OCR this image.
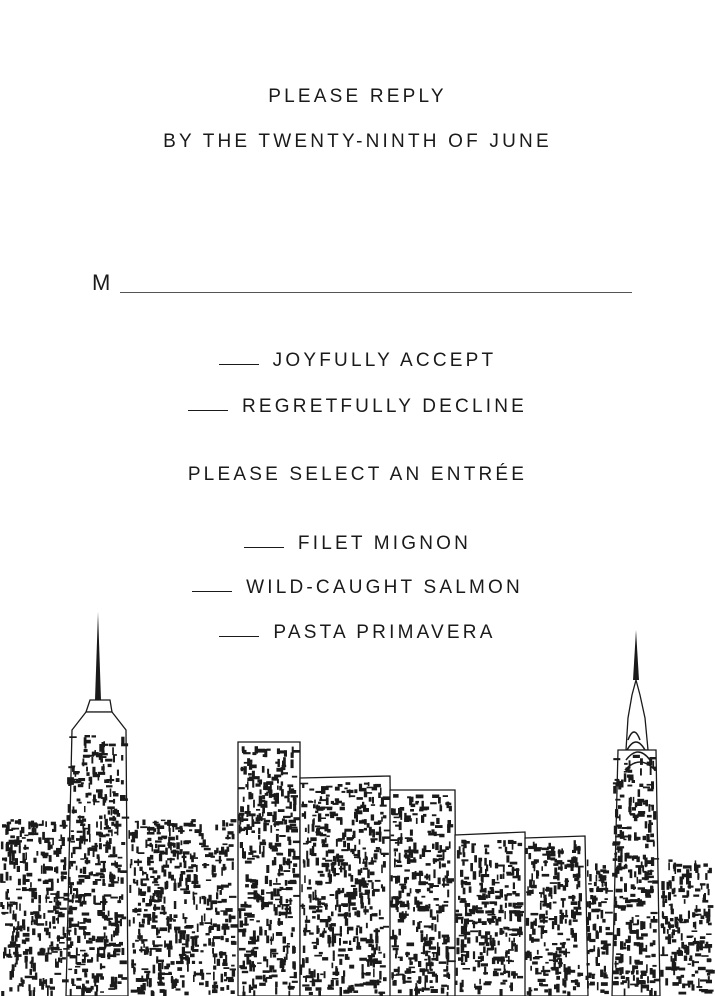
PLEASE REPLY
BY THE TWENTY-NINTH OF JUNE
M
JOYFULLY ACCEPT
REGRETFULLY DECLINE
PLEASE SELECT AN ENTRÉE
FILET MIGNON
WILD-CAUGHT SALMON
PASTA PRIMAVERA
